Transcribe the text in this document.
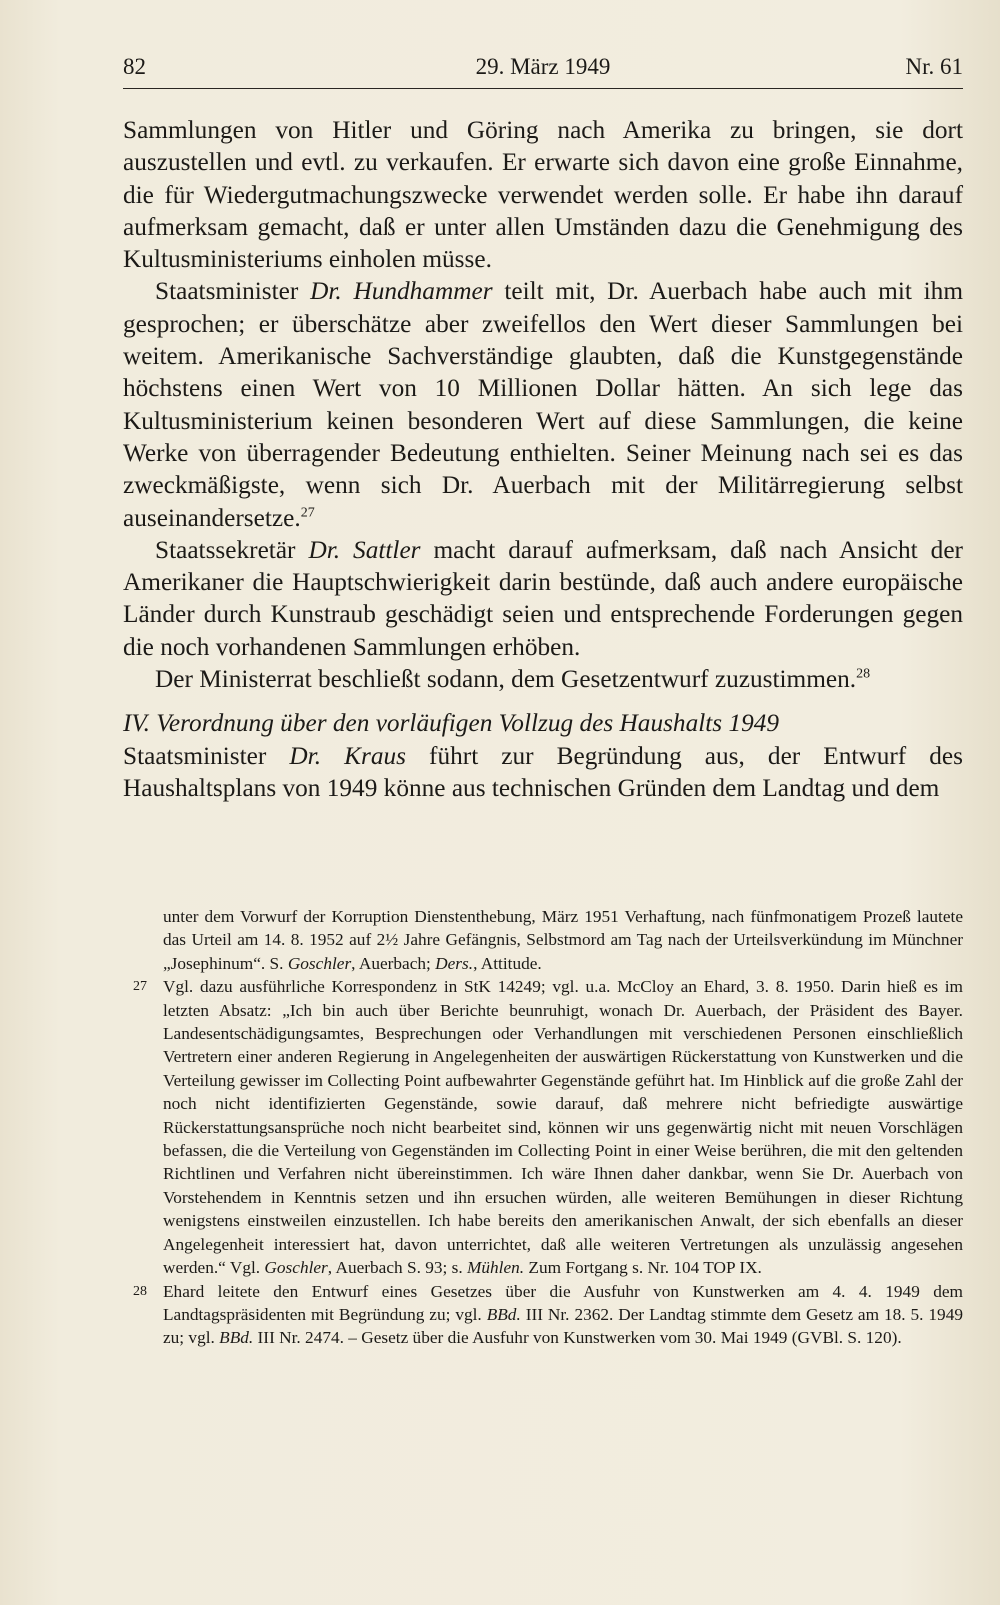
82	29. März 1949	Nr. 61

Sammlungen von Hitler und Göring nach Amerika zu bringen, sie dort auszustellen und evtl. zu verkaufen. Er erwarte sich davon eine große Einnahme, die für Wiedergutmachungszwecke verwendet werden solle. Er habe ihn darauf aufmerksam gemacht, daß er unter allen Umständen dazu die Genehmigung des Kultusministeriums einholen müsse.

Staatsminister Dr. Hundhammer teilt mit, Dr. Auerbach habe auch mit ihm gesprochen; er überschätze aber zweifellos den Wert dieser Sammlungen bei weitem. Amerikanische Sachverständige glaubten, daß die Kunstgegenstände höchstens einen Wert von 10 Millionen Dollar hätten. An sich lege das Kultusministerium keinen besonderen Wert auf diese Sammlungen, die keine Werke von überragender Bedeutung enthielten. Seiner Meinung nach sei es das zweckmäßigste, wenn sich Dr. Auerbach mit der Militärregierung selbst auseinandersetze.$^{27}$

Staatssekretär Dr. Sattler macht darauf aufmerksam, daß nach Ansicht der Amerikaner die Hauptschwierigkeit darin bestünde, daß auch andere europäische Länder durch Kunstraub geschädigt seien und entsprechende Forderungen gegen die noch vorhandenen Sammlungen erhöben.

Der Ministerrat beschließt sodann, dem Gesetzentwurf zuzustimmen.$^{28}$

IV. Verordnung über den vorläufigen Vollzug des Haushalts 1949

Staatsminister Dr. Kraus führt zur Begründung aus, der Entwurf des Haushaltsplans von 1949 könne aus technischen Gründen dem Landtag und dem

unter dem Vorwurf der Korruption Dienstenthebung, März 1951 Verhaftung, nach fünfmonatigem Prozeß lautete das Urteil am 14. 8. 1952 auf 2½ Jahre Gefängnis, Selbstmord am Tag nach der Urteilsverkündung im Münchner „Josephinum“. S. Goschler, Auerbach; Ders., Attitude.

27 Vgl. dazu ausführliche Korrespondenz in StK 14249; vgl. u.a. McCloy an Ehard, 3. 8. 1950. Darin hieß es im letzten Absatz: „Ich bin auch über Berichte beunruhigt, wonach Dr. Auerbach, der Präsident des Bayer. Landesentschädigungsamtes, Besprechungen oder Verhandlungen mit verschiedenen Personen einschließlich Vertretern einer anderen Regierung in Angelegenheiten der auswärtigen Rückerstattung von Kunstwerken und die Verteilung gewisser im Collecting Point aufbewahrter Gegenstände geführt hat. Im Hinblick auf die große Zahl der noch nicht identifizierten Gegenstände, sowie darauf, daß mehrere nicht befriedigte auswärtige Rückerstattungsansprüche noch nicht bearbeitet sind, können wir uns gegenwärtig nicht mit neuen Vorschlägen befassen, die die Verteilung von Gegenständen im Collecting Point in einer Weise berühren, die mit den geltenden Richtlinen und Verfahren nicht übereinstimmen. Ich wäre Ihnen daher dankbar, wenn Sie Dr. Auerbach von Vorstehendem in Kenntnis setzen und ihn ersuchen würden, alle weiteren Bemühungen in dieser Richtung wenigstens einstweilen einzustellen. Ich habe bereits den amerikanischen Anwalt, der sich ebenfalls an dieser Angelegenheit interessiert hat, davon unterrichtet, daß alle weiteren Vertretungen als unzulässig angesehen werden.“ Vgl. Goschler, Auerbach S. 93; s. Mühlen. Zum Fortgang s. Nr. 104 TOP IX.

28 Ehard leitete den Entwurf eines Gesetzes über die Ausfuhr von Kunstwerken am 4. 4. 1949 dem Landtagspräsidenten mit Begründung zu; vgl. BBd. III Nr. 2362. Der Landtag stimmte dem Gesetz am 18. 5. 1949 zu; vgl. BBd. III Nr. 2474. – Gesetz über die Ausfuhr von Kunstwerken vom 30. Mai 1949 (GVBl. S. 120).
